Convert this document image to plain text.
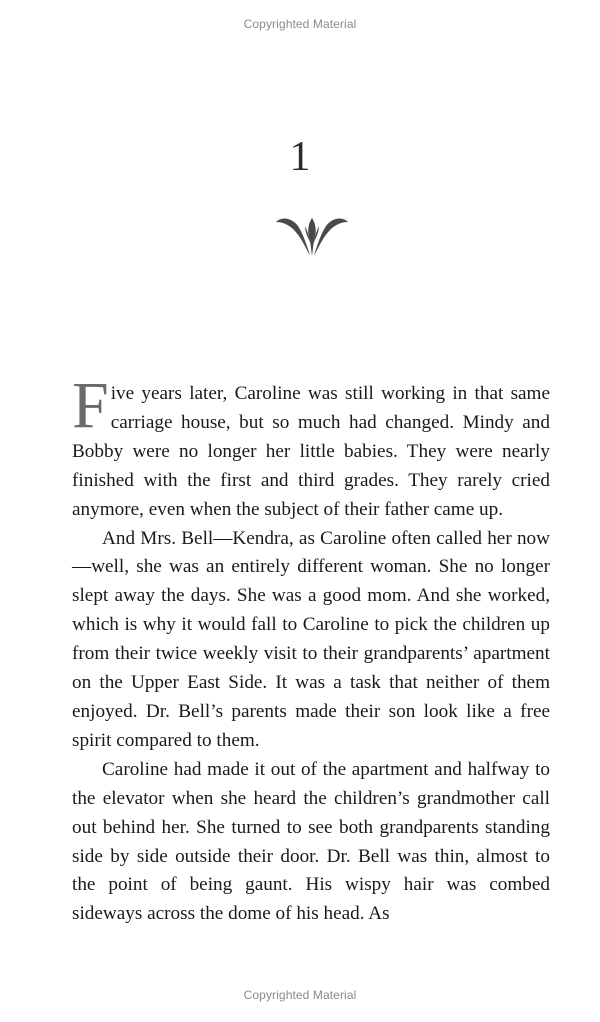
Copyrighted Material
1

Five years later, Caroline was still working in that same carriage house, but so much had changed. Mindy and Bobby were no longer her little babies. They were nearly finished with the first and third grades. They rarely cried anymore, even when the subject of their father came up.

And Mrs. Bell—Kendra, as Caroline often called her now—well, she was an entirely different woman. She no longer slept away the days. She was a good mom. And she worked, which is why it would fall to Caroline to pick the children up from their twice weekly visit to their grandparents’ apartment on the Upper East Side. It was a task that neither of them enjoyed. Dr. Bell’s parents made their son look like a free spirit compared to them.

Caroline had made it out of the apartment and halfway to the elevator when she heard the children’s grandmother call out behind her. She turned to see both grandparents standing side by side outside their door. Dr. Bell was thin, almost to the point of being gaunt. His wispy hair was combed sideways across the dome of his head. As

Copyrighted Material
